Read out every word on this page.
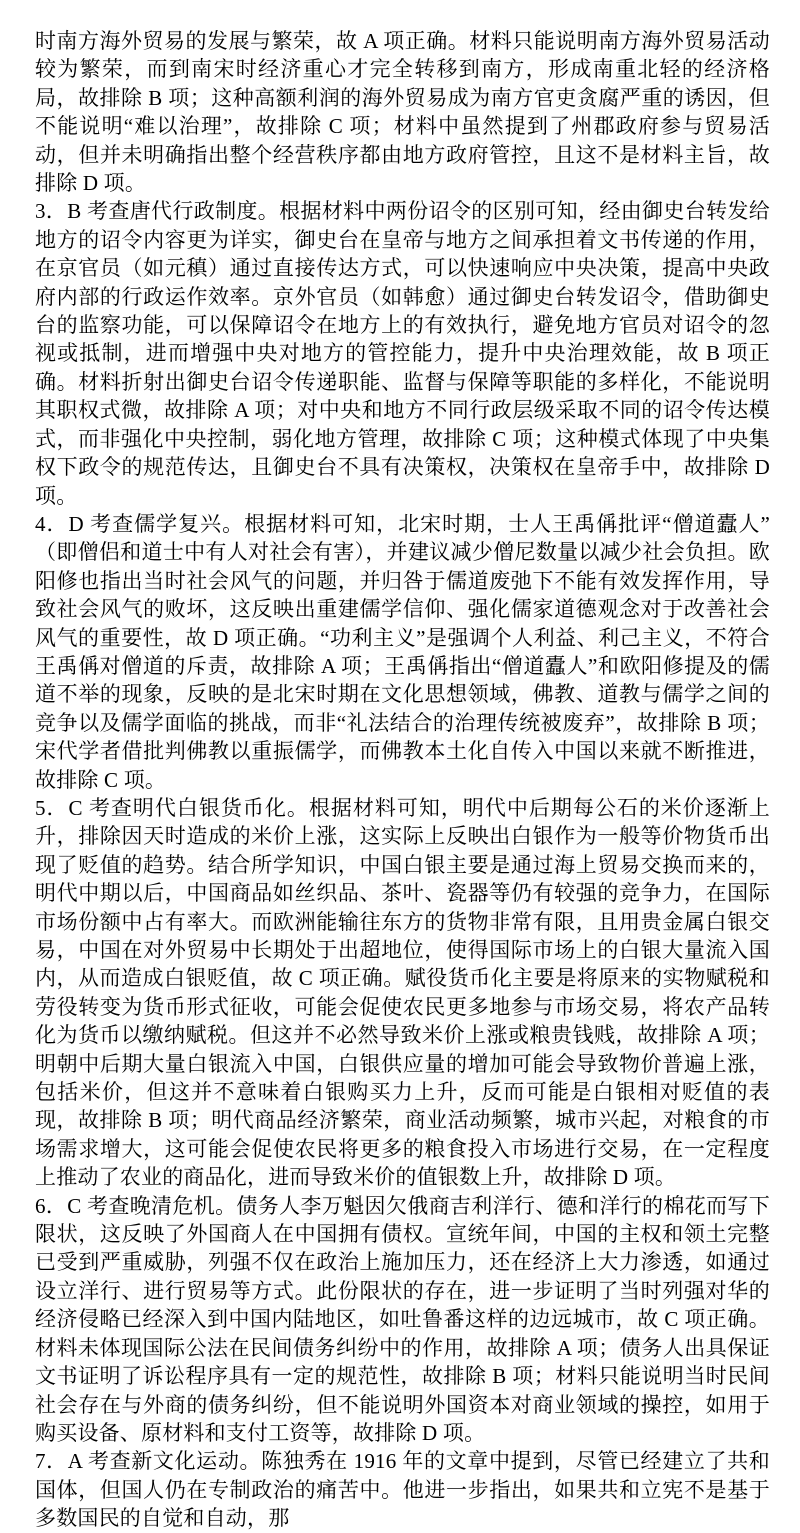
时南方海外贸易的发展与繁荣，故 A 项正确。材料只能说明南方海外贸易活动较为繁荣，而到南宋时经济重心才完全转移到南方，形成南重北轻的经济格局，故排除 B 项；这种高额利润的海外贸易成为南方官吏贪腐严重的诱因，但不能说明“难以治理”，故排除 C 项；材料中虽然提到了州郡政府参与贸易活动，但并未明确指出整个经营秩序都由地方政府管控，且这不是材料主旨，故排除 D 项。

3．B 考查唐代行政制度。根据材料中两份诏令的区别可知，经由御史台转发给地方的诏令内容更为详实，御史台在皇帝与地方之间承担着文书传递的作用，在京官员（如元稹）通过直接传达方式，可以快速响应中央决策，提高中央政府内部的行政运作效率。京外官员（如韩愈）通过御史台转发诏令，借助御史台的监察功能，可以保障诏令在地方上的有效执行，避免地方官员对诏令的忽视或抵制，进而增强中央对地方的管控能力，提升中央治理效能，故 B 项正确。材料折射出御史台诏令传递职能、监督与保障等职能的多样化，不能说明其职权式微，故排除 A 项；对中央和地方不同行政层级采取不同的诏令传达模式，而非强化中央控制，弱化地方管理，故排除 C 项；这种模式体现了中央集权下政令的规范传达，且御史台不具有决策权，决策权在皇帝手中，故排除 D 项。

4．D 考查儒学复兴。根据材料可知，北宋时期，士人王禹偁批评“僧道蠹人”（即僧侣和道士中有人对社会有害），并建议减少僧尼数量以减少社会负担。欧阳修也指出当时社会风气的问题，并归咎于儒道废弛下不能有效发挥作用，导致社会风气的败坏，这反映出重建儒学信仰、强化儒家道德观念对于改善社会风气的重要性，故 D 项正确。“功利主义”是强调个人利益、利己主义，不符合王禹偁对僧道的斥责，故排除 A 项；王禹偁指出“僧道蠹人”和欧阳修提及的儒道不举的现象，反映的是北宋时期在文化思想领域，佛教、道教与儒学之间的竞争以及儒学面临的挑战，而非“礼法结合的治理传统被废弃”，故排除 B 项；宋代学者借批判佛教以重振儒学，而佛教本土化自传入中国以来就不断推进，故排除 C 项。

5．C 考查明代白银货币化。根据材料可知，明代中后期每公石的米价逐渐上升，排除因天时造成的米价上涨，这实际上反映出白银作为一般等价物货币出现了贬值的趋势。结合所学知识，中国白银主要是通过海上贸易交换而来的，明代中期以后，中国商品如丝织品、茶叶、瓷器等仍有较强的竞争力，在国际市场份额中占有率大。而欧洲能输往东方的货物非常有限，且用贵金属白银交易，中国在对外贸易中长期处于出超地位，使得国际市场上的白银大量流入国内，从而造成白银贬值，故 C 项正确。赋役货币化主要是将原来的实物赋税和劳役转变为货币形式征收，可能会促使农民更多地参与市场交易，将农产品转化为货币以缴纳赋税。但这并不必然导致米价上涨或粮贵钱贱，故排除 A 项；明朝中后期大量白银流入中国，白银供应量的增加可能会导致物价普遍上涨，包括米价，但这并不意味着白银购买力上升，反而可能是白银相对贬值的表现，故排除 B 项；明代商品经济繁荣，商业活动频繁，城市兴起，对粮食的市场需求增大，这可能会促使农民将更多的粮食投入市场进行交易，在一定程度上推动了农业的商品化，进而导致米价的值银数上升，故排除 D 项。

6．C 考查晚清危机。债务人李万魁因欠俄商吉利洋行、德和洋行的棉花而写下限状，这反映了外国商人在中国拥有债权。宣统年间，中国的主权和领土完整已受到严重威胁，列强不仅在政治上施加压力，还在经济上大力渗透，如通过设立洋行、进行贸易等方式。此份限状的存在，进一步证明了当时列强对华的经济侵略已经深入到中国内陆地区，如吐鲁番这样的边远城市，故 C 项正确。材料未体现国际公法在民间债务纠纷中的作用，故排除 A 项；债务人出具保证文书证明了诉讼程序具有一定的规范性，故排除 B 项；材料只能说明当时民间社会存在与外商的债务纠纷，但不能说明外国资本对商业领域的操控，如用于购买设备、原材料和支付工资等，故排除 D 项。

7．A 考查新文化运动。陈独秀在 1916 年的文章中提到，尽管已经建立了共和国体，但国人仍在专制政治的痛苦中。他进一步指出，如果共和立宪不是基于多数国民的自觉和自动，那
